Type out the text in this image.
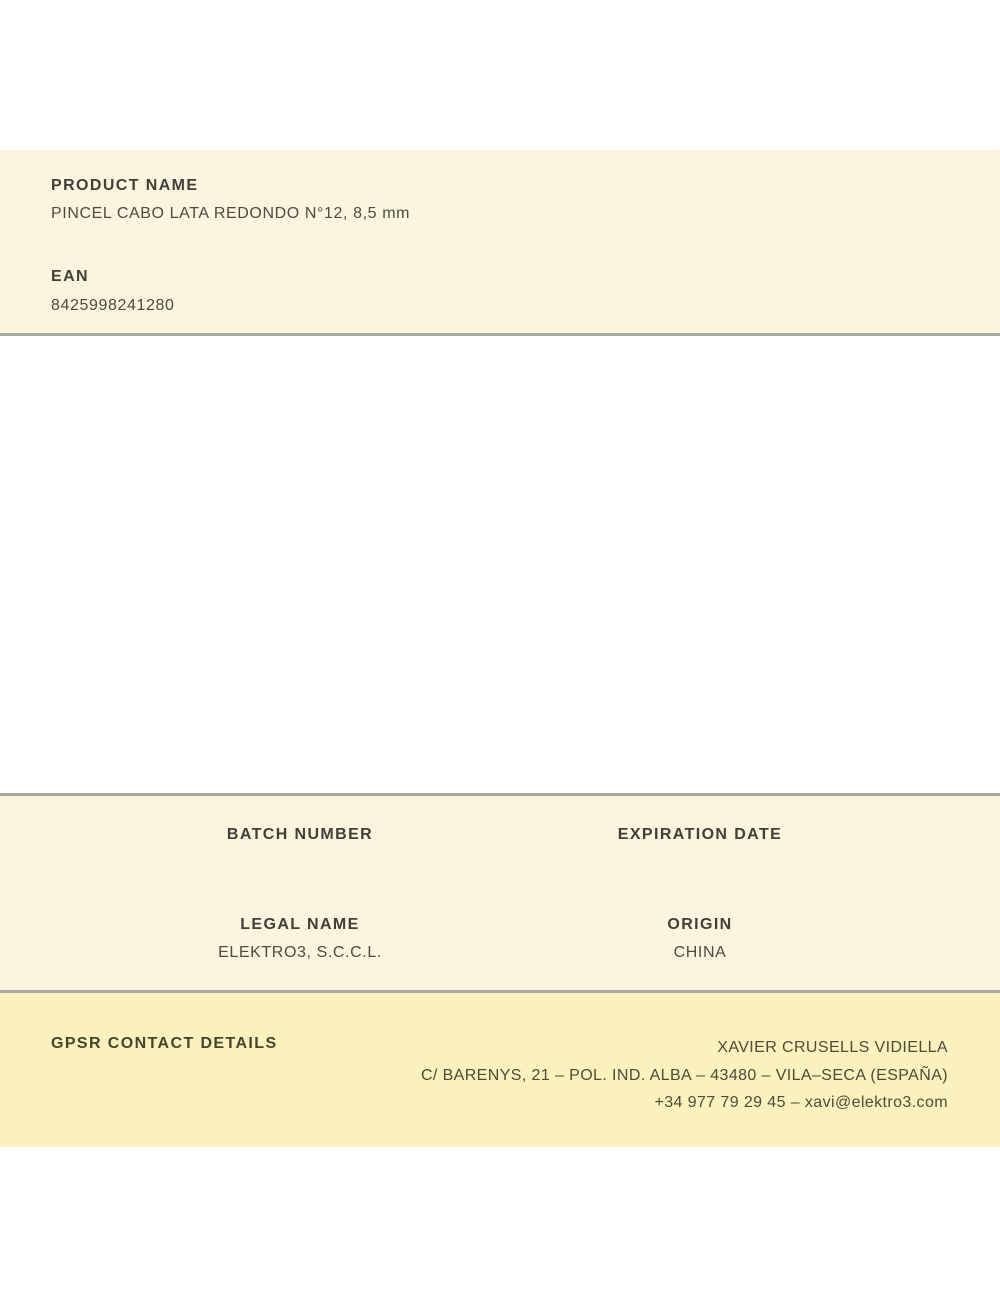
PRODUCT NAME
PINCEL CABO LATA REDONDO N°12, 8,5 mm
EAN
8425998241280
BATCH NUMBER	EXPIRATION DATE
LEGAL NAME
ELEKTRO3, S.C.C.L.
ORIGIN
CHINA
GPSR CONTACT DETAILS	XAVIER CRUSELLS VIDIELLA
C/ BARENYS, 21 – POL. IND. ALBA – 43480 – VILA–SECA (ESPAÑA)
+34 977 79 29 45 – xavi@elektro3.com
